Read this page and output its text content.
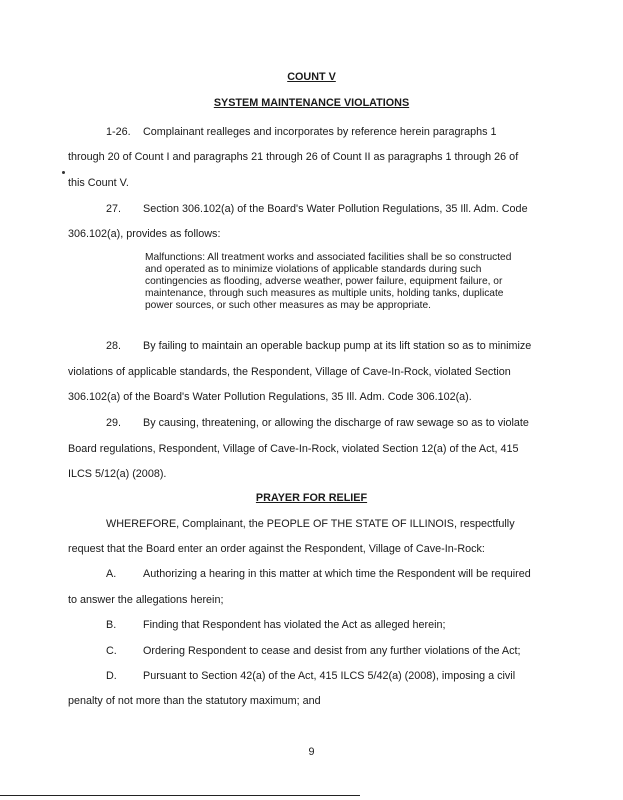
COUNT V
SYSTEM MAINTENANCE VIOLATIONS
1-26. Complainant realleges and incorporates by reference herein paragraphs 1
through 20 of Count I and paragraphs 21 through 26 of Count II as paragraphs 1 through 26 of
this Count V.
27. Section 306.102(a) of the Board's Water Pollution Regulations, 35 Ill. Adm. Code
306.102(a), provides as follows:
Malfunctions: All treatment works and associated facilities shall be so constructed and operated as to minimize violations of applicable standards during such contingencies as flooding, adverse weather, power failure, equipment failure, or maintenance, through such measures as multiple units, holding tanks, duplicate power sources, or such other measures as may be appropriate.
28. By failing to maintain an operable backup pump at its lift station so as to minimize
violations of applicable standards, the Respondent, Village of Cave-In-Rock, violated Section
306.102(a) of the Board's Water Pollution Regulations, 35 Ill. Adm. Code 306.102(a).
29. By causing, threatening, or allowing the discharge of raw sewage so as to violate
Board regulations, Respondent, Village of Cave-In-Rock, violated Section 12(a) of the Act, 415
ILCS 5/12(a) (2008).
PRAYER FOR RELIEF
WHEREFORE, Complainant, the PEOPLE OF THE STATE OF ILLINOIS, respectfully
request that the Board enter an order against the Respondent, Village of Cave-In-Rock:
A. Authorizing a hearing in this matter at which time the Respondent will be required
to answer the allegations herein;
B. Finding that Respondent has violated the Act as alleged herein;
C. Ordering Respondent to cease and desist from any further violations of the Act;
D. Pursuant to Section 42(a) of the Act, 415 ILCS 5/42(a) (2008), imposing a civil
penalty of not more than the statutory maximum; and
9
